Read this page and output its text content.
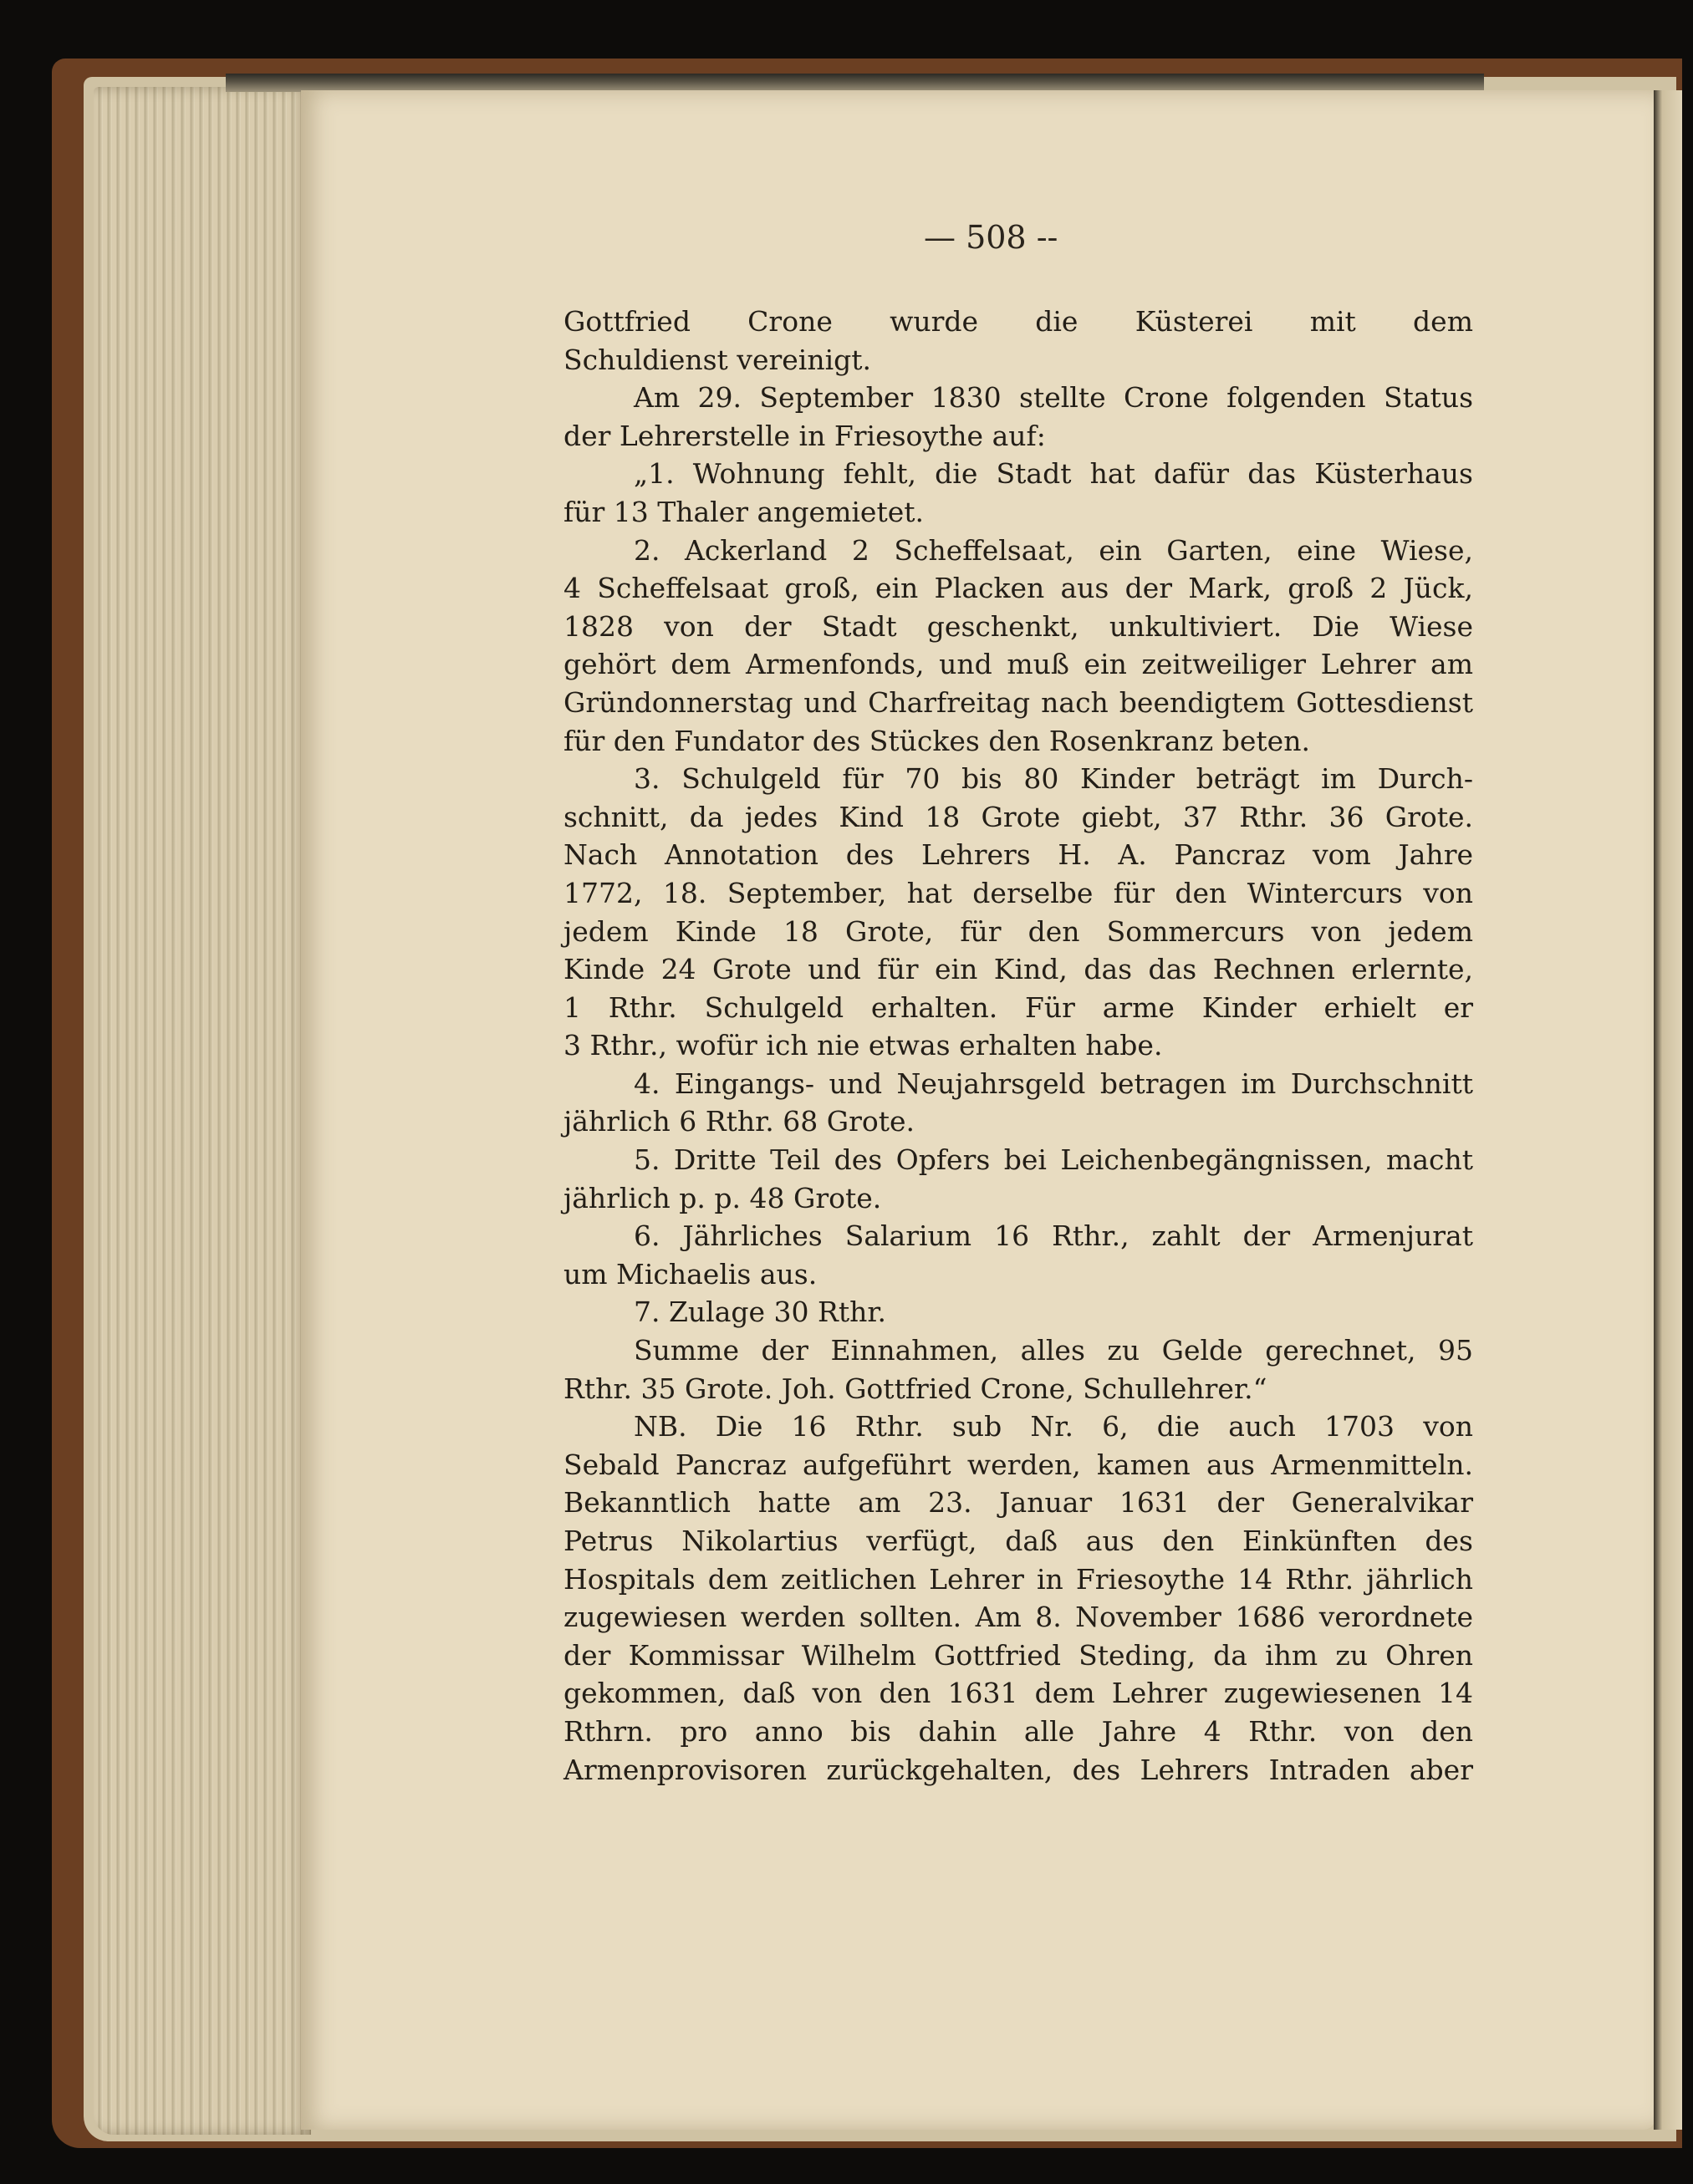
— 508 --
Gottfried Crone wurde die Küsterei mit dem
Schuldienst vereinigt.
Am 29. September 1830 stellte Crone folgenden Status
der Lehrerstelle in Friesoythe auf:
„1. Wohnung fehlt, die Stadt hat dafür das Küsterhaus
für 13 Thaler angemietet.
2. Ackerland 2 Scheffelsaat, ein Garten, eine Wiese,
4 Scheffelsaat groß, ein Placken aus der Mark, groß 2 Jück,
1828 von der Stadt geschenkt, unkultiviert. Die Wiese
gehört dem Armenfonds, und muß ein zeitweiliger Lehrer am
Gründonnerstag und Charfreitag nach beendigtem Gottesdienst
für den Fundator des Stückes den Rosenkranz beten.
3. Schulgeld für 70 bis 80 Kinder beträgt im Durch-
schnitt, da jedes Kind 18 Grote giebt, 37 Rthr. 36 Grote.
Nach Annotation des Lehrers H. A. Pancraz vom Jahre
1772, 18. September, hat derselbe für den Wintercurs von
jedem Kinde 18 Grote, für den Sommercurs von jedem
Kinde 24 Grote und für ein Kind, das das Rechnen erlernte,
1 Rthr. Schulgeld erhalten. Für arme Kinder erhielt er
3 Rthr., wofür ich nie etwas erhalten habe.
4. Eingangs- und Neujahrsgeld betragen im Durchschnitt
jährlich 6 Rthr. 68 Grote.
5. Dritte Teil des Opfers bei Leichenbegängnissen, macht
jährlich p. p. 48 Grote.
6. Jährliches Salarium 16 Rthr., zahlt der Armenjurat
um Michaelis aus.
7. Zulage 30 Rthr.
Summe der Einnahmen, alles zu Gelde gerechnet, 95
Rthr. 35 Grote. Joh. Gottfried Crone, Schullehrer.“
NB. Die 16 Rthr. sub Nr. 6, die auch 1703 von
Sebald Pancraz aufgeführt werden, kamen aus Armenmitteln.
Bekanntlich hatte am 23. Januar 1631 der Generalvikar
Petrus Nikolartius verfügt, daß aus den Einkünften des
Hospitals dem zeitlichen Lehrer in Friesoythe 14 Rthr. jährlich
zugewiesen werden sollten. Am 8. November 1686 verordnete
der Kommissar Wilhelm Gottfried Steding, da ihm zu Ohren
gekommen, daß von den 1631 dem Lehrer zugewiesenen 14
Rthrn. pro anno bis dahin alle Jahre 4 Rthr. von den
Armenprovisoren zurückgehalten, des Lehrers Intraden aber
